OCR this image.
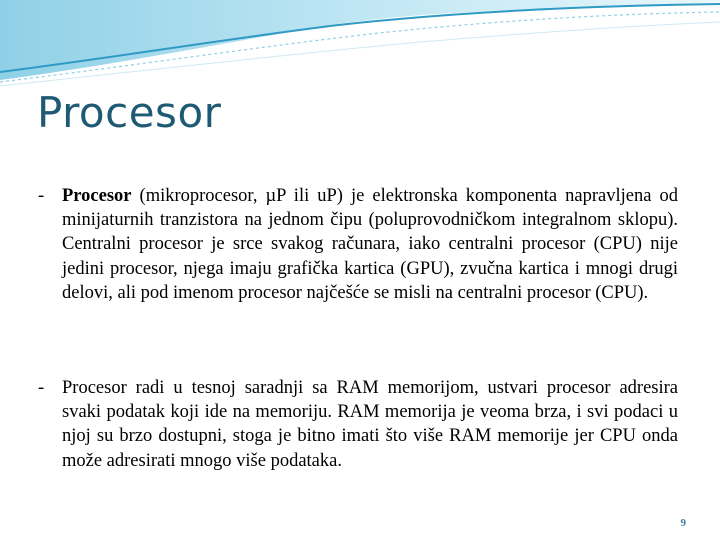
Procesor
- Procesor (mikroprocesor, µP ili uP) je elektronska komponenta napravljena od minijaturnih tranzistora na jednom čipu (poluprovodničkom integralnom sklopu). Centralni procesor je srce svakog računara, iako centralni procesor (CPU) nije jedini procesor, njega imaju grafička kartica (GPU), zvučna kartica i mnogi drugi delovi, ali pod imenom procesor najčešće se misli na centralni procesor (CPU).
- Procesor radi u tesnoj saradnji sa RAM memorijom, ustvari procesor adresira svaki podatak koji ide na memoriju. RAM memorija je veoma brza, i svi podaci u njoj su brzo dostupni, stoga je bitno imati što više RAM memorije jer CPU onda može adresirati mnogo više podataka.
9
